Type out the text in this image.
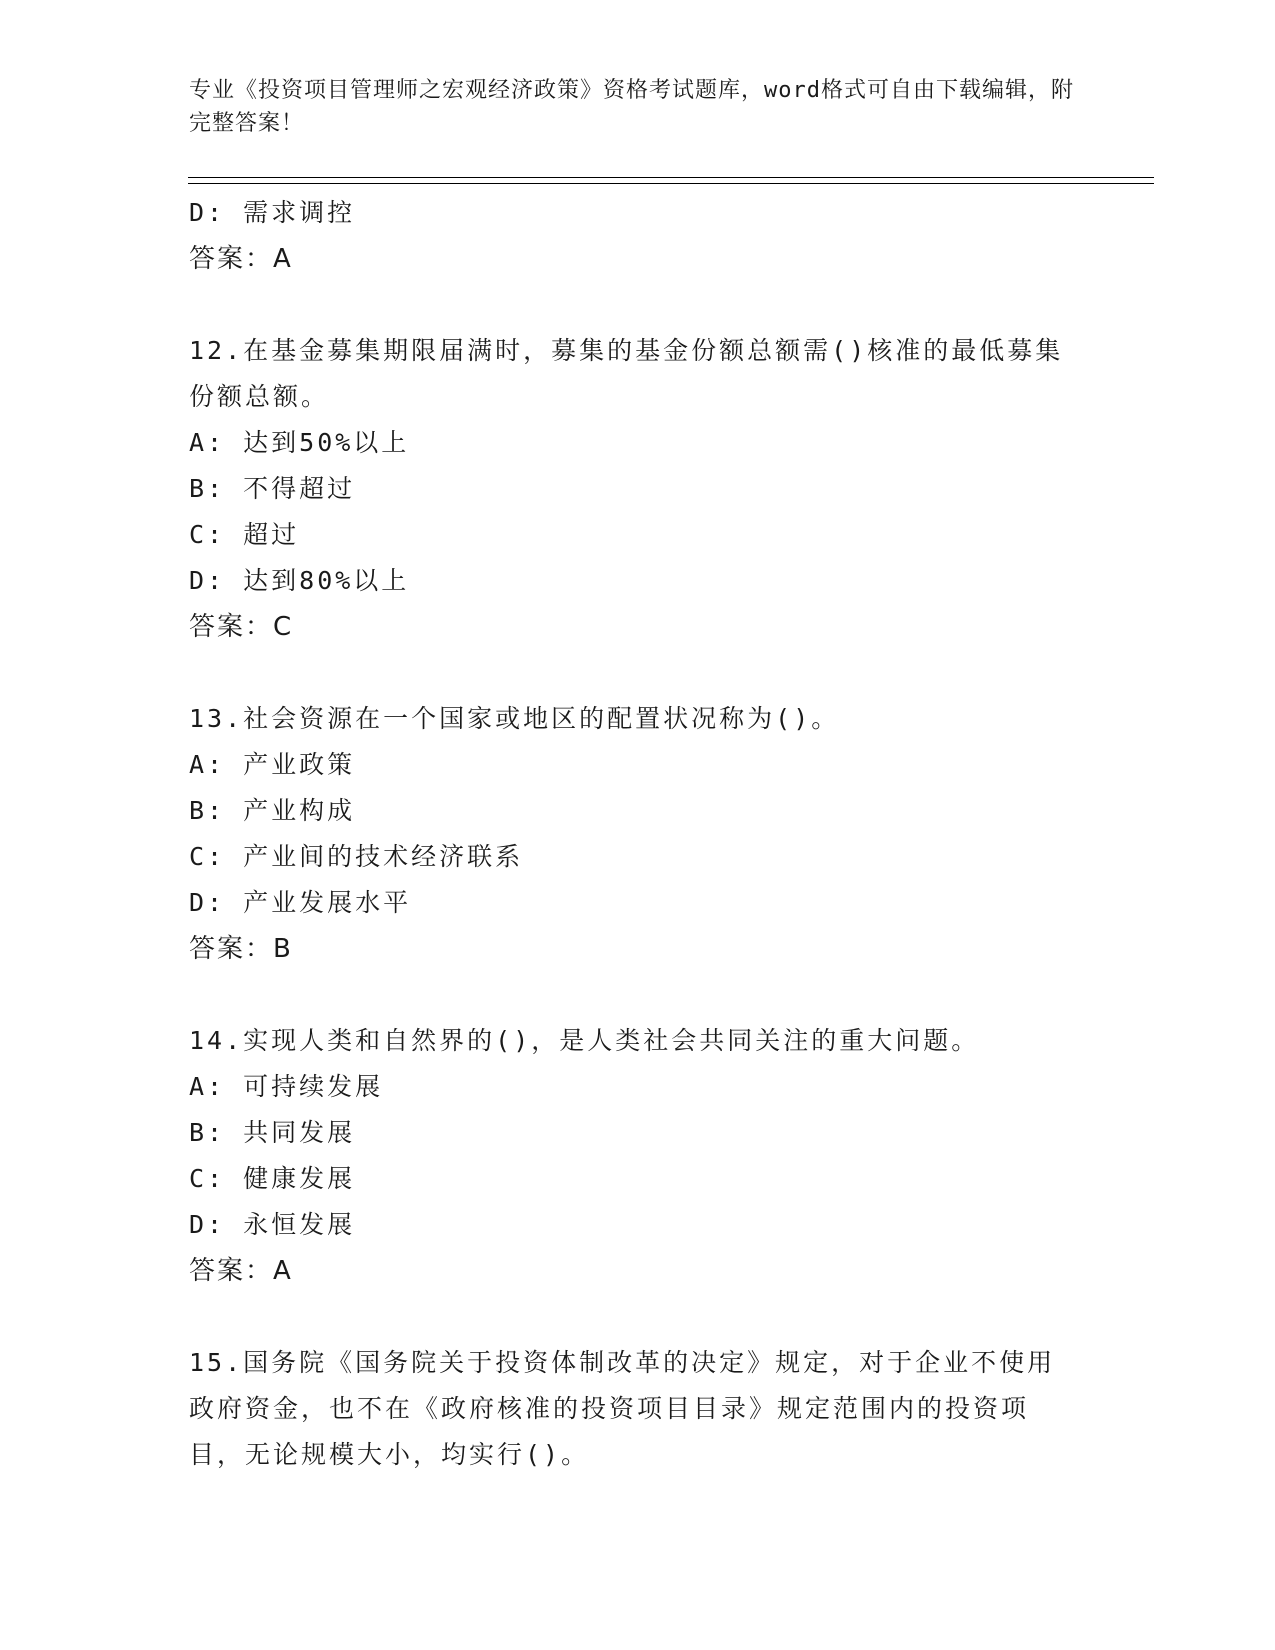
专业《投资项目管理师之宏观经济政策》资格考试题库，word格式可自由下载编辑，附完整答案！
D: 需求调控
答案：A
12.在基金募集期限届满时，募集的基金份额总额需()核准的最低募集份额总额。
A: 达到50%以上
B: 不得超过
C: 超过
D: 达到80%以上
答案：C
13.社会资源在一个国家或地区的配置状况称为()。
A: 产业政策
B: 产业构成
C: 产业间的技术经济联系
D: 产业发展水平
答案：B
14.实现人类和自然界的()，是人类社会共同关注的重大问题。
A: 可持续发展
B: 共同发展
C: 健康发展
D: 永恒发展
答案：A
15.国务院《国务院关于投资体制改革的决定》规定，对于企业不使用政府资金，也不在《政府核准的投资项目目录》规定范围内的投资项目，无论规模大小，均实行()。
